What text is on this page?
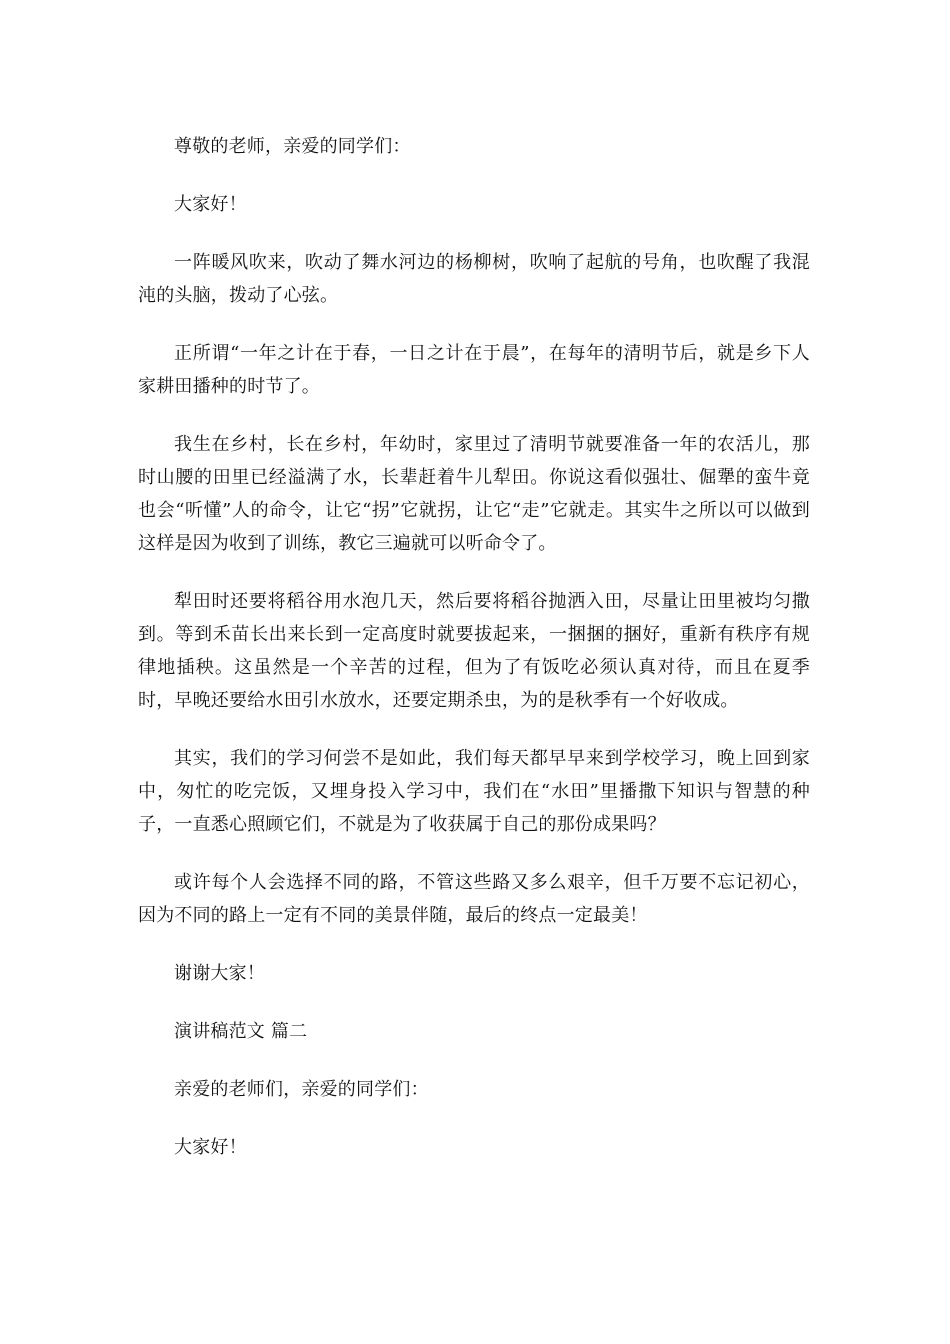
尊敬的老师，亲爱的同学们：

大家好！

一阵暖风吹来，吹动了舞水河边的杨柳树，吹响了起航的号角，也吹醒了我混沌的头脑，拨动了心弦。

正所谓“一年之计在于春，一日之计在于晨”，在每年的清明节后，就是乡下人家耕田播种的时节了。

我生在乡村，长在乡村，年幼时，家里过了清明节就要准备一年的农活儿，那时山腰的田里已经溢满了水，长辈赶着牛儿犁田。你说这看似强壮、倔犟的蛮牛竟也会“听懂”人的命令，让它“拐”它就拐，让它“走”它就走。其实牛之所以可以做到这样是因为收到了训练，教它三遍就可以听命令了。

犁田时还要将稻谷用水泡几天，然后要将稻谷抛洒入田，尽量让田里被均匀撒到。等到禾苗长出来长到一定高度时就要拔起来，一捆捆的捆好，重新有秩序有规律地插秧。这虽然是一个辛苦的过程，但为了有饭吃必须认真对待，而且在夏季时，早晚还要给水田引水放水，还要定期杀虫，为的是秋季有一个好收成。

其实，我们的学习何尝不是如此，我们每天都早早来到学校学习，晚上回到家中，匆忙的吃完饭，又埋身投入学习中，我们在“水田”里播撒下知识与智慧的种子，一直悉心照顾它们，不就是为了收获属于自己的那份成果吗？

或许每个人会选择不同的路，不管这些路又多么艰辛，但千万要不忘记初心，因为不同的路上一定有不同的美景伴随，最后的终点一定最美！

谢谢大家！

演讲稿范文 篇二

亲爱的老师们，亲爱的同学们：

大家好！
